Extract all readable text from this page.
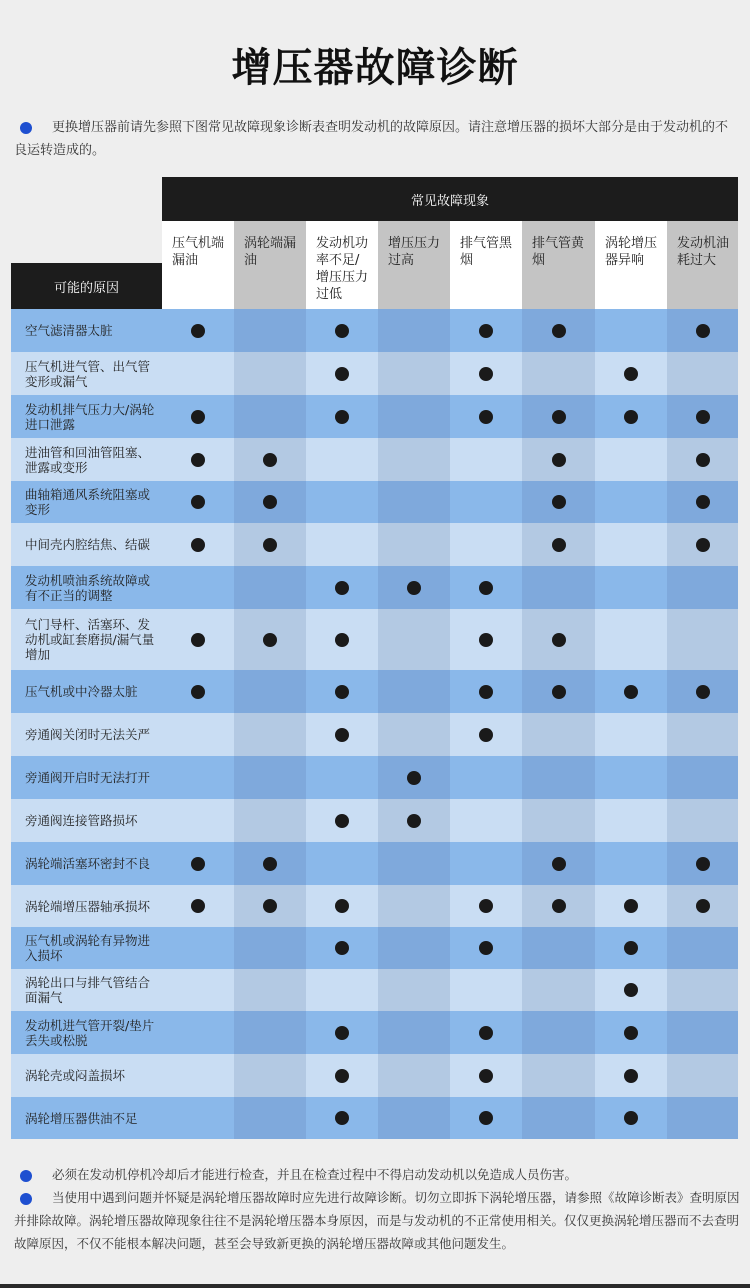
增压器故障诊断
更换增压器前请先参照下图常见故障现象诊断表查明发动机的故障原因。请注意增压器的损坏大部分是由于发动机的不良运转造成的。
常见故障现象
可能的原因
压气机端漏油
涡轮端漏油
发动机功率不足/增压压力过低
增压压力过高
排气管黑烟
排气管黄烟
涡轮增压器异响
发动机油耗过大
空气滤清器太脏
压气机进气管、出气管变形或漏气
发动机排气压力大/涡轮进口泄露
进油管和回油管阻塞、泄露或变形
曲轴箱通风系统阻塞或变形
中间壳内腔结焦、结碳
发动机喷油系统故障或有不正当的调整
气门导杆、活塞环、发动机或缸套磨损/漏气量增加
压气机或中冷器太脏
旁通阀关闭时无法关严
旁通阀开启时无法打开
旁通阀连接管路损坏
涡轮端活塞环密封不良
涡轮端增压器轴承损坏
压气机或涡轮有异物进入损坏
涡轮出口与排气管结合面漏气
发动机进气管开裂/垫片丢失或松脱
涡轮壳或闷盖损坏
涡轮增压器供油不足

必须在发动机停机冷却后才能进行检查，并且在检查过程中不得启动发动机以免造成人员伤害。

当使用中遇到问题并怀疑是涡轮增压器故障时应先进行故障诊断。切勿立即拆下涡轮增压器，请参照《故障诊断表》查明原因并排除故障。涡轮增压器故障现象往往不是涡轮增压器本身原因，而是与发动机的不正常使用相关。仅仅更换涡轮增压器而不去查明故障原因，不仅不能根本解决问题，甚至会导致新更换的涡轮增压器故障或其他问题发生。
